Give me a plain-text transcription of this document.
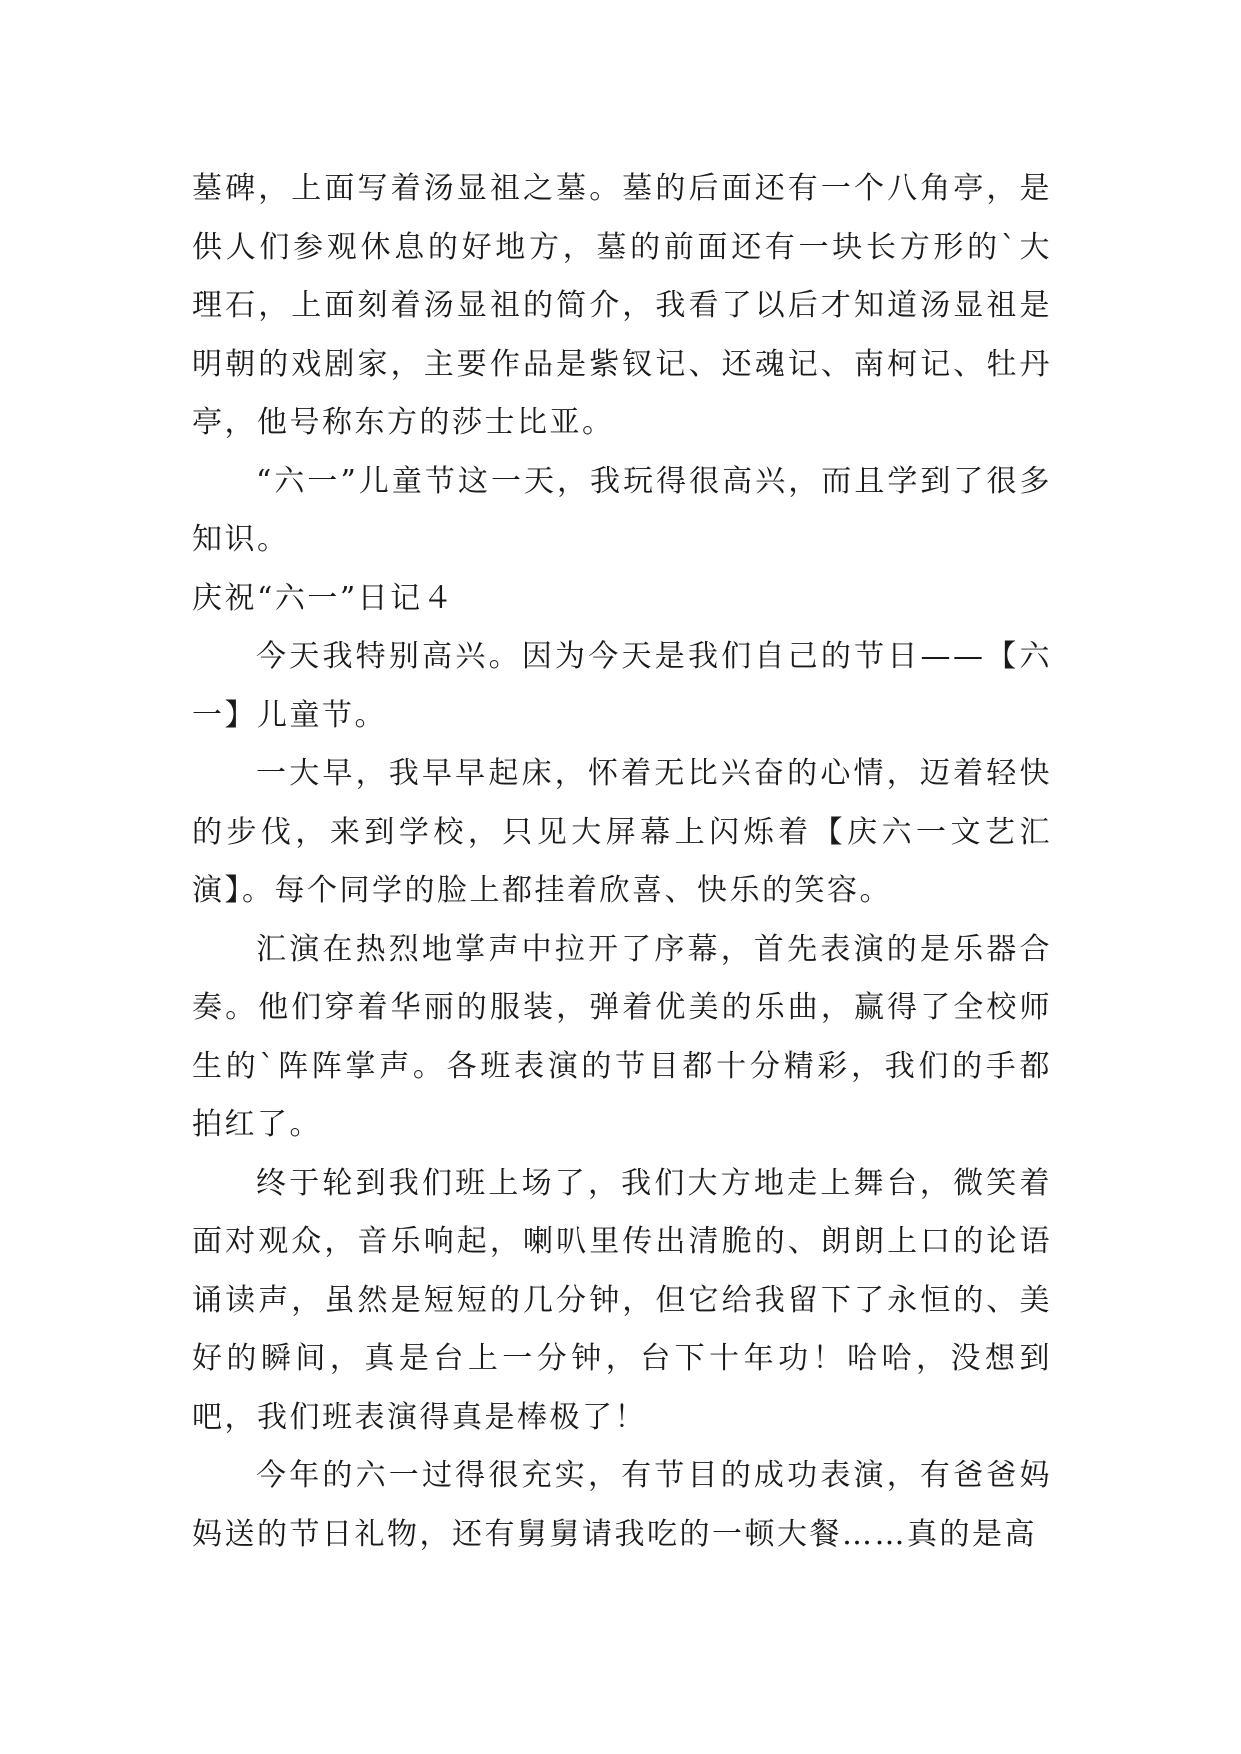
墓碑，上面写着汤显祖之墓。墓的后面还有一个八角亭，是供人们参观休息的好地方，墓的前面还有一块长方形的`大理石，上面刻着汤显祖的简介，我看了以后才知道汤显祖是明朝的戏剧家，主要作品是紫钗记、还魂记、南柯记、牡丹亭，他号称东方的莎士比亚。

“六一”儿童节这一天，我玩得很高兴，而且学到了很多知识。

庆祝“六一”日记４

今天我特别高兴。因为今天是我们自己的节日——【六一】儿童节。

一大早，我早早起床，怀着无比兴奋的心情，迈着轻快的步伐，来到学校，只见大屏幕上闪烁着【庆六一文艺汇演】。每个同学的脸上都挂着欣喜、快乐的笑容。

汇演在热烈地掌声中拉开了序幕，首先表演的是乐器合奏。他们穿着华丽的服装，弹着优美的乐曲，赢得了全校师生的`阵阵掌声。各班表演的节目都十分精彩，我们的手都拍红了。

终于轮到我们班上场了，我们大方地走上舞台，微笑着面对观众，音乐响起，喇叭里传出清脆的、朗朗上口的论语诵读声，虽然是短短的几分钟，但它给我留下了永恒的、美好的瞬间，真是台上一分钟，台下十年功！哈哈，没想到吧，我们班表演得真是棒极了！

今年的六一过得很充实，有节目的成功表演，有爸爸妈妈送的节日礼物，还有舅舅请我吃的一顿大餐……真的是高
